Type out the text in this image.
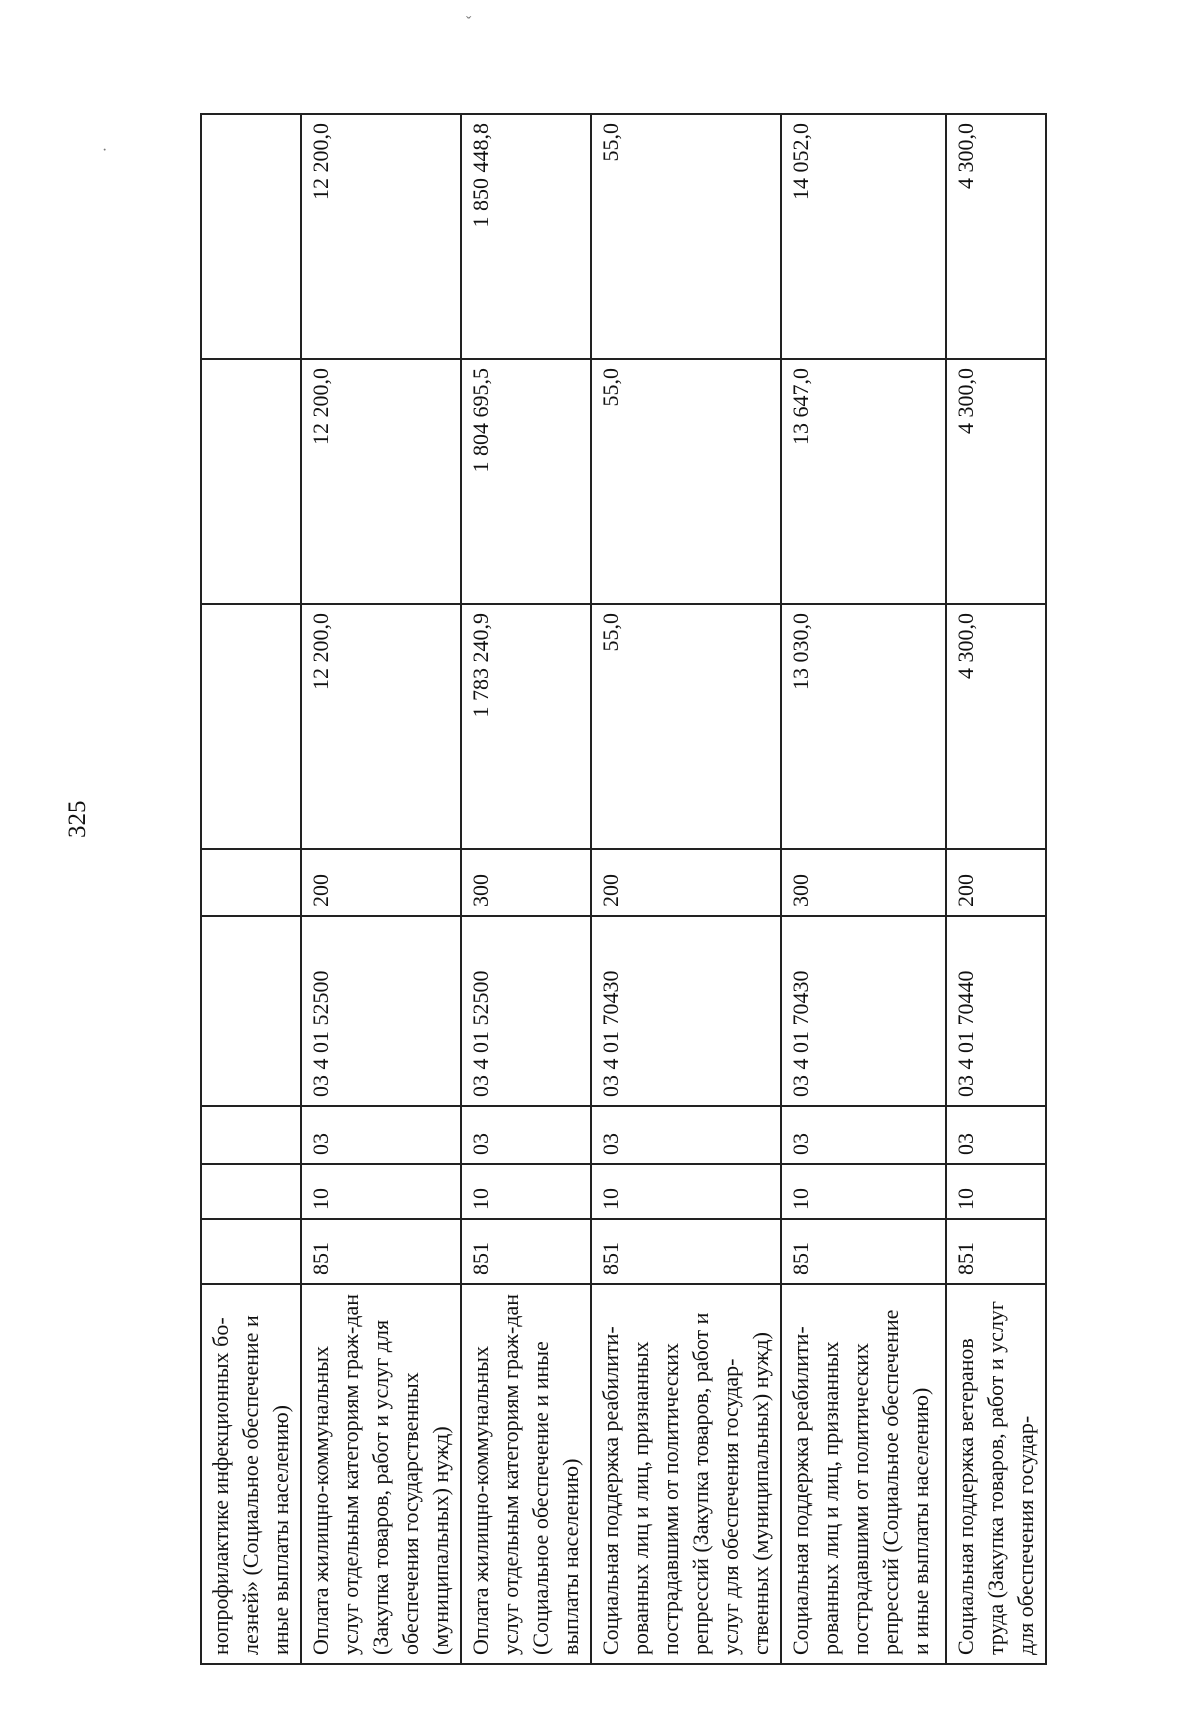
325
ˇ
·
нопрофилактике инфекционных бо-лезней» (Социальное обеспечение и иные выплаты населению)								
Оплата жилищно-коммунальных услуг отдельным категориям граж-дан (Закупка товаров, работ и услуг для обеспечения государственных (муниципальных) нужд)	851	10	03	03 4 01 52500	200	12 200,0	12 200,0	12 200,0
Оплата жилищно-коммунальных услуг отдельным категориям граж-дан (Социальное обеспечение и иные выплаты населению)	851	10	03	03 4 01 52500	300	1 783 240,9	1 804 695,5	1 850 448,8
Социальная поддержка реабилити-рованных лиц и лиц, признанных пострадавшими от политических репрессий (Закупка товаров, работ и услуг для обеспечения государ-ственных (муниципальных) нужд)	851	10	03	03 4 01 70430	200	55,0	55,0	55,0
Социальная поддержка реабилити-рованных лиц и лиц, признанных пострадавшими от политических репрессий (Социальное обеспечение и иные выплаты населению)	851	10	03	03 4 01 70430	300	13 030,0	13 647,0	14 052,0
Социальная поддержка ветеранов труда (Закупка товаров, работ и услуг для обеспечения государ-	851	10	03	03 4 01 70440	200	4 300,0	4 300,0	4 300,0
